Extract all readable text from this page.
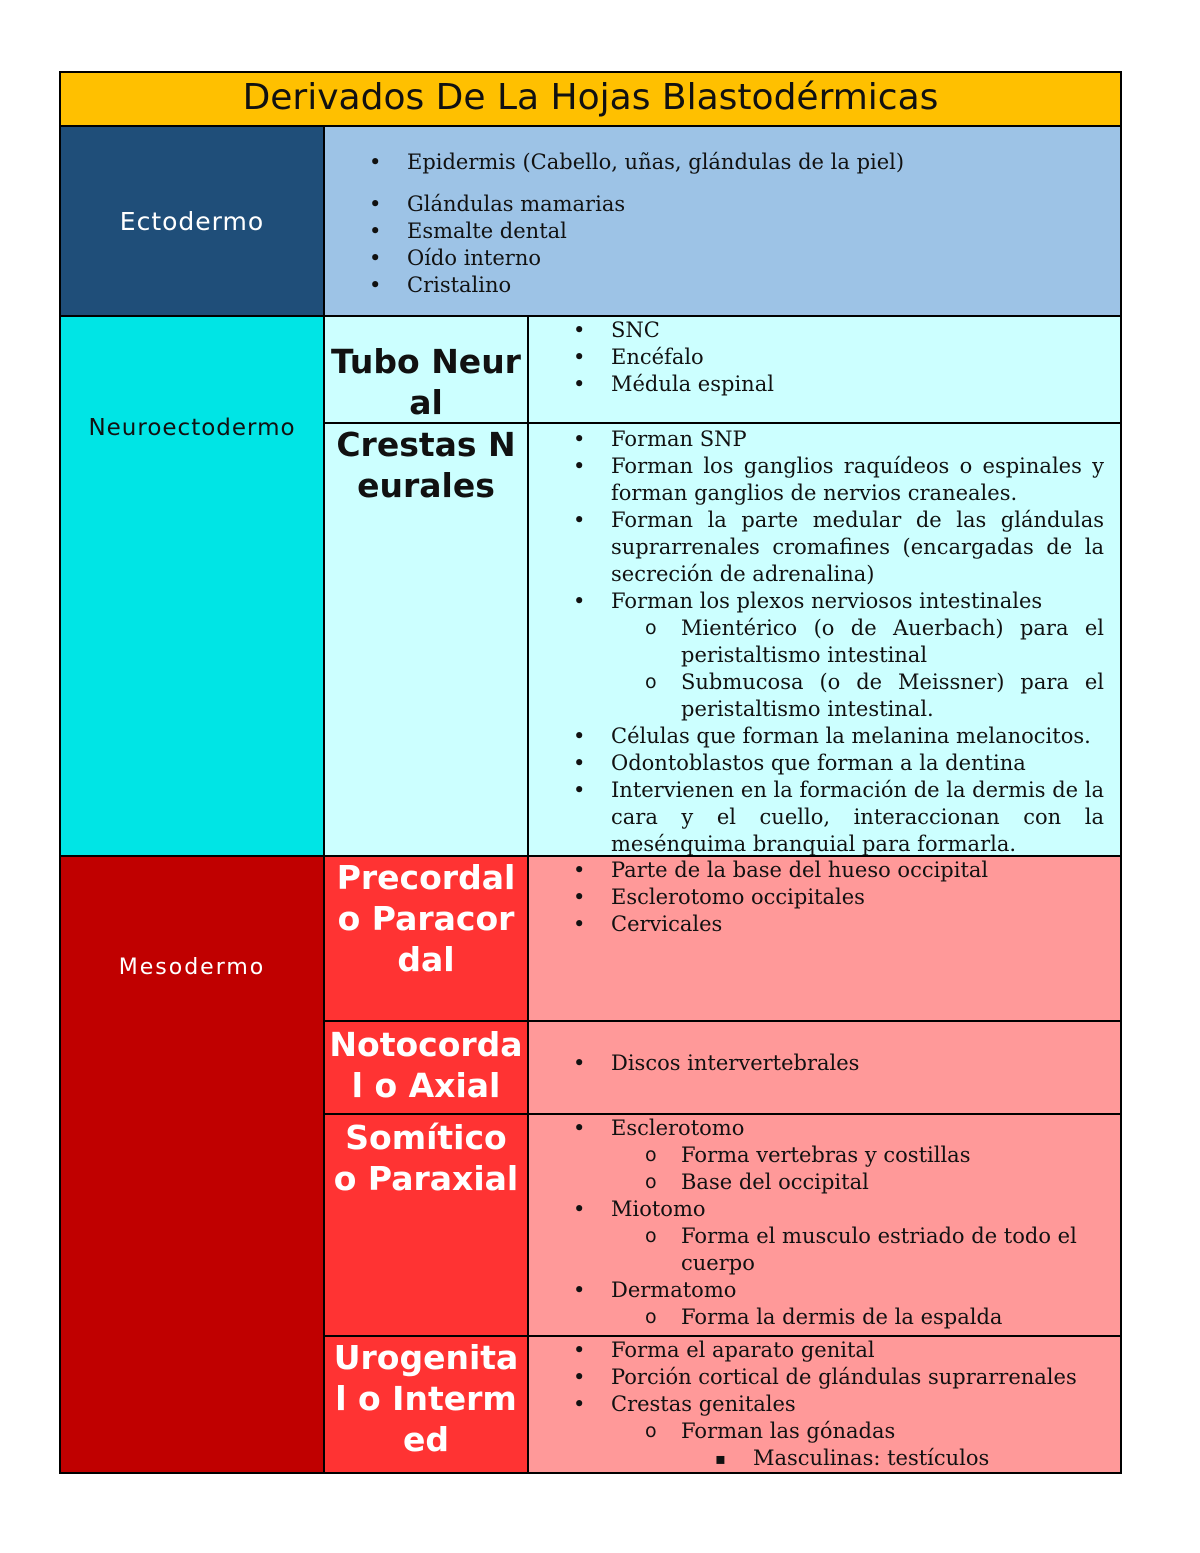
Derivados De La Hojas Blastodérmicas
Ectodermo
• Epidermis (Cabello, uñas, glándulas de la piel)
• Glándulas mamarias
• Esmalte dental
• Oído interno
• Cristalino
Neuroectodermo
Tubo Neural
• SNC
• Encéfalo
• Médula espinal
Crestas Neurales
• Forman SNP
• Forman los ganglios raquídeos o espinales y forman ganglios de nervios craneales.
• Forman la parte medular de las glándulas suprarrenales cromafines (encargadas de la secreción de adrenalina)
• Forman los plexos nerviosos intestinales
o Mientérico (o de Auerbach) para el peristaltismo intestinal
o Submucosa (o de Meissner) para el peristaltismo intestinal.
• Células que forman la melanina melanocitos.
• Odontoblastos que forman a la dentina
• Intervienen en la formación de la dermis de la cara y el cuello, interaccionan con la mesénquima branquial para formarla.
Mesodermo
Precordal o Paracordal
• Parte de la base del hueso occipital
• Esclerotomo occipitales
• Cervicales
Notocordal o Axial
• Discos intervertebrales
Somítico o Paraxial
• Esclerotomo
o Forma vertebras y costillas
o Base del occipital
• Miotomo
o Forma el musculo estriado de todo el cuerpo
• Dermatomo
o Forma la dermis de la espalda
Urogenital o Intermed
• Forma el aparato genital
• Porción cortical de glándulas suprarrenales
• Crestas genitales
o Forman las gónadas
▪ Masculinas: testículos
